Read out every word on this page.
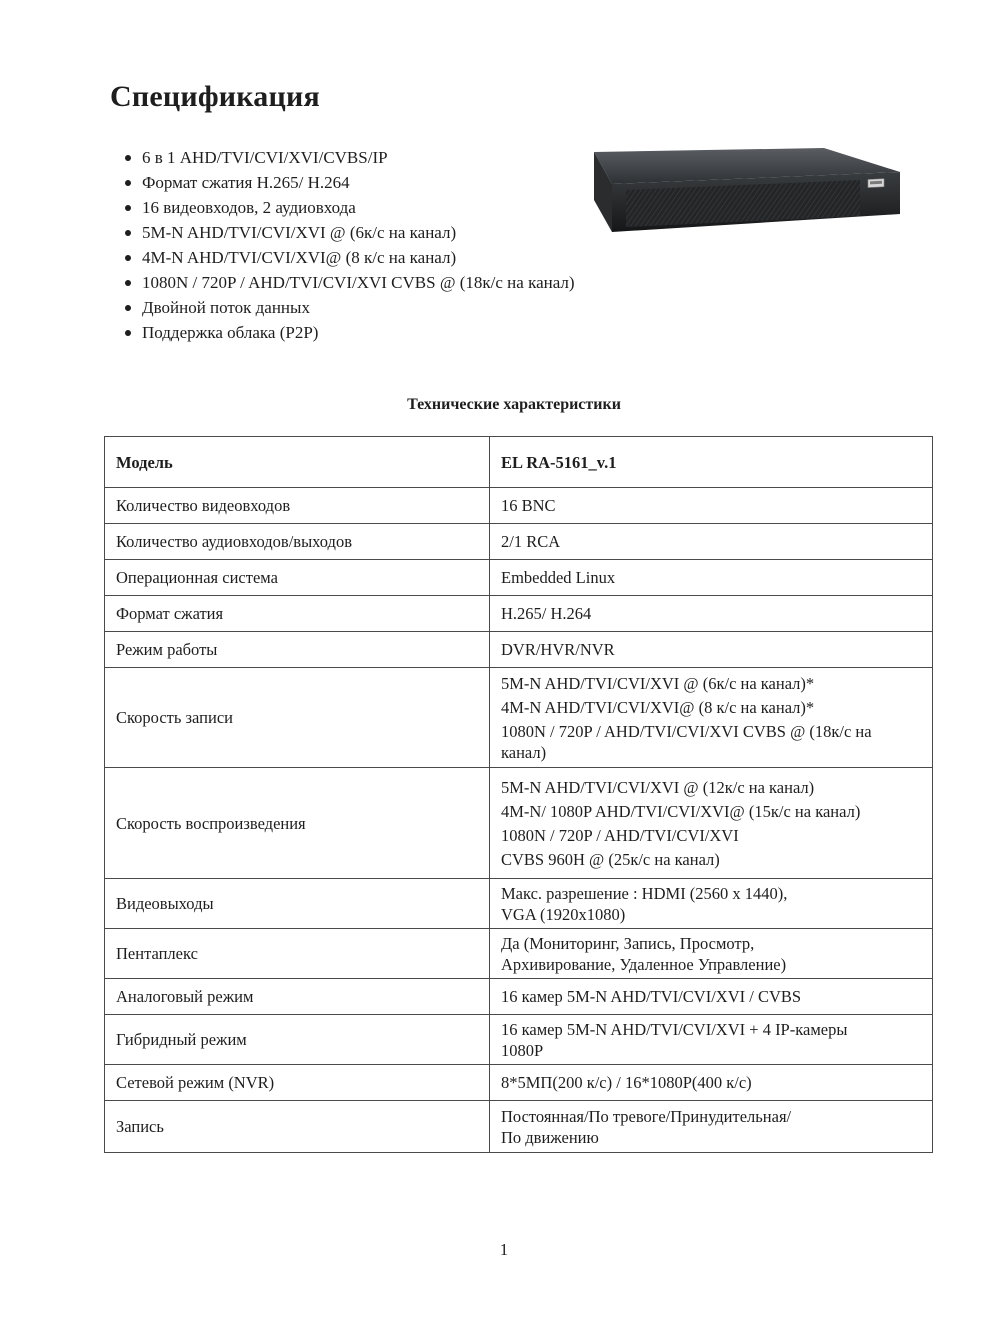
Спецификация
6 в 1 AHD/TVI/CVI/XVI/CVBS/IP
Формат сжатия H.265/ H.264
16 видеовходов, 2 аудиовхода
5M-N AHD/TVI/CVI/XVI @ (6к/с на канал)
4M-N AHD/TVI/CVI/XVI@ (8 к/с на канал)
1080N / 720P / AHD/TVI/CVI/XVI CVBS @ (18к/с на канал)
Двойной поток данных
Поддержка облака (P2P)
Технические характеристики
Модель	EL RA-5161_v.1
Количество видеовходов	16 BNC

Количество аудиовходов/выходов	2/1 RCA

Операционная система	Embedded Linux

Формат сжатия	H.265/ H.264

Режим работы	DVR/HVR/NVR

Скорость записи	5M-N AHD/TVI/CVI/XVI @ (6к/с на канал)*
4M-N AHD/TVI/CVI/XVI@ (8 к/с на канал)*
1080N / 720P / AHD/TVI/CVI/XVI CVBS @ (18к/с на
канал)

Скорость воспроизведения	5M-N AHD/TVI/CVI/XVI @ (12к/с на канал)
4M-N/ 1080P AHD/TVI/CVI/XVI@ (15к/с на канал)
1080N / 720P / AHD/TVI/CVI/XVI
CVBS 960H @ (25к/с на канал)

Видеовыходы	Макс. разрешение : HDMI (2560 x 1440),
VGA (1920x1080)

Пентаплекс	Да (Мониторинг, Запись, Просмотр,
Архивирование, Удаленное Управление)

Аналоговый режим	16 камер 5M-N AHD/TVI/CVI/XVI / CVBS

Гибридный режим	16 камер 5M-N AHD/TVI/CVI/XVI + 4 IP-камеры
1080P

Сетевой режим (NVR)	8*5МП(200 к/с) / 16*1080P(400 к/с)

Запись	Постоянная/По тревоге/Принудительная/
По движению
1
